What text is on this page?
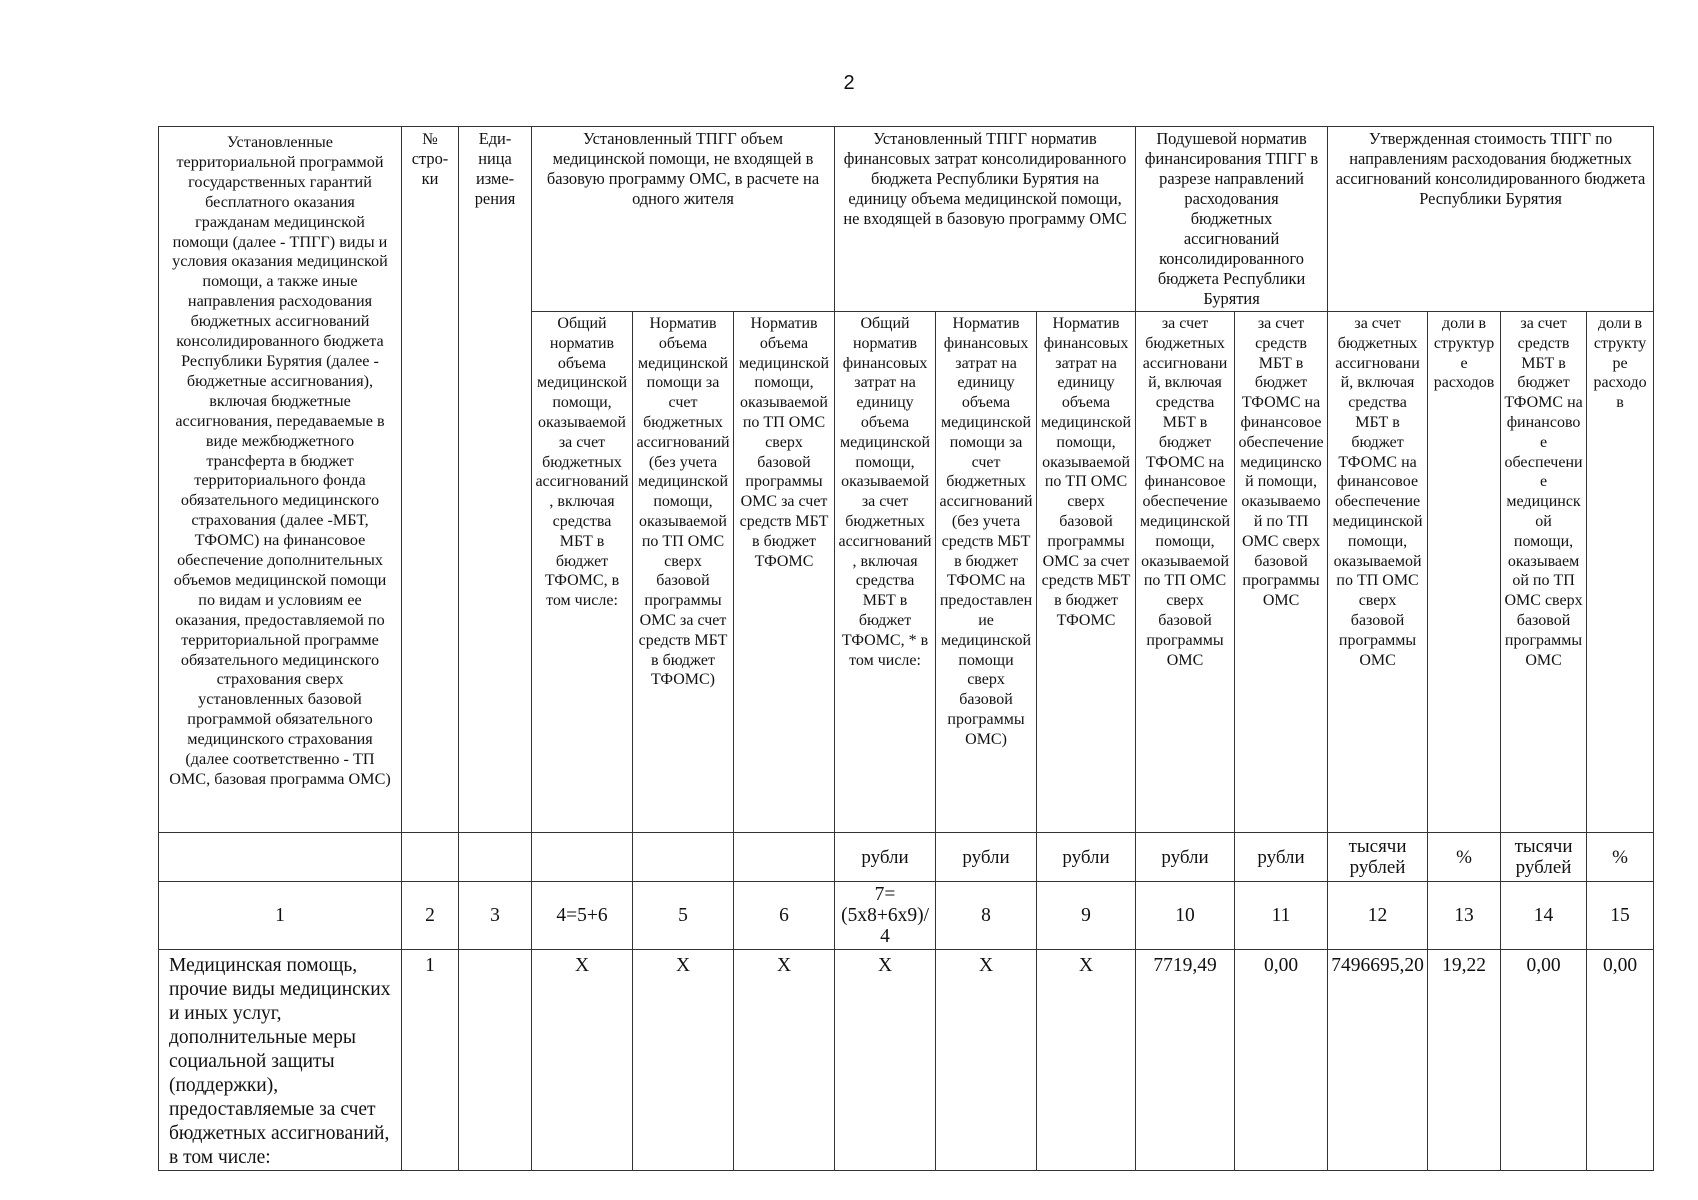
2
Установленные территориальной программой государственных гарантий бесплатного оказания гражданам медицинской помощи (далее - ТПГГ) виды и условия оказания медицинской помощи, а также иные направления расходования бюджетных ассигнований консолидированного бюджета Республики Бурятия (далее - бюджетные ассигнования), включая бюджетные ассигнования, передаваемые в виде межбюджетного трансферта в бюджет территориального фонда обязательного медицинского страхования (далее -МБТ, ТФОМС) на финансовое обеспечение дополнительных объемов медицинской помощи по видам и условиям ее оказания, предоставляемой по территориальной программе обязательного медицинского страхования сверх установленных базовой программой обязательного медицинского страхования (далее соответственно - ТП ОМС, базовая программа ОМС)	№ стро-ки	Еди-ница изме-рения	Установленный ТПГГ объем медицинской помощи, не входящей в базовую программу ОМС, в расчете на одного жителя			Установленный ТПГГ норматив финансовых затрат консолидированного бюджета Республики Бурятия на единицу объема медицинской помощи, не входящей в базовую программу ОМС			Подушевой норматив финансирования ТПГГ в разрезе направлений расходования бюджетных ассигнований консолидированного бюджета Республики Бурятия		Утвержденная стоимость ТПГГ по направлениям расходования бюджетных ассигнований консолидированного бюджета Республики Бурятия			
			Общий норматив объема медицинской помощи, оказываемой за счет бюджетных ассигнований, включая средства МБТ в бюджет ТФОМС, в том числе:	Норматив объема медицинской помощи за счет бюджетных ассигнований (без учета медицинской помощи, оказываемой по ТП ОМС сверх базовой программы ОМС за счет средств МБТ в бюджет ТФОМС)	Норматив объема медицинской помощи, оказываемой по ТП ОМС сверх базовой программы ОМС за счет средств МБТ в бюджет ТФОМС	Общий норматив финансовых затрат на единицу объема медицинской помощи, оказываемой за счет бюджетных ассигнований, включая средства МБТ в бюджет ТФОМС, * в том числе:	Норматив финансовых затрат на единицу объема медицинской помощи за счет бюджетных ассигнований (без учета средств МБТ в бюджет ТФОМС на предоставление медицинской помощи сверх базовой программы ОМС)	Норматив финансовых затрат на единицу объема медицинской помощи, оказываемой по ТП ОМС сверх базовой программы ОМС за счет средств МБТ в бюджет ТФОМС	за счет бюджетных ассигнований, включая средства МБТ в бюджет ТФОМС на финансовое обеспечение медицинской помощи, оказываемой по ТП ОМС сверх базовой программы ОМС	за счет средств МБТ в бюджет ТФОМС на финансовое обеспечение медицинской помощи, оказываемой по ТП ОМС сверх базовой программы ОМС	за счет бюджетных ассигнований, включая средства МБТ в бюджет ТФОМС на финансовое обеспечение медицинской помощи, оказываемой по ТП ОМС сверх базовой программы ОМС	доли в структуре расходов	за счет средств МБТ в бюджет ТФОМС на финансовое обеспечение медицинской помощи, оказываемой по ТП ОМС сверх базовой программы ОМС	доли в структуре расходов
						рубли	рубли	рубли	рубли	рубли	тысячи рублей	%	тысячи рублей	%
1	2	3	4=5+6	5	6	7=(5x8+6x9)/4	8	9	10	11	12	13	14	15
Медицинская помощь, прочие виды медицинских и иных услуг, дополнительные меры социальной защиты (поддержки), предоставляемые за счет бюджетных ассигнований, в том числе:	1		X	X	X	X	X	X	7719,49	0,00	7496695,20	19,22	0,00	0,00
